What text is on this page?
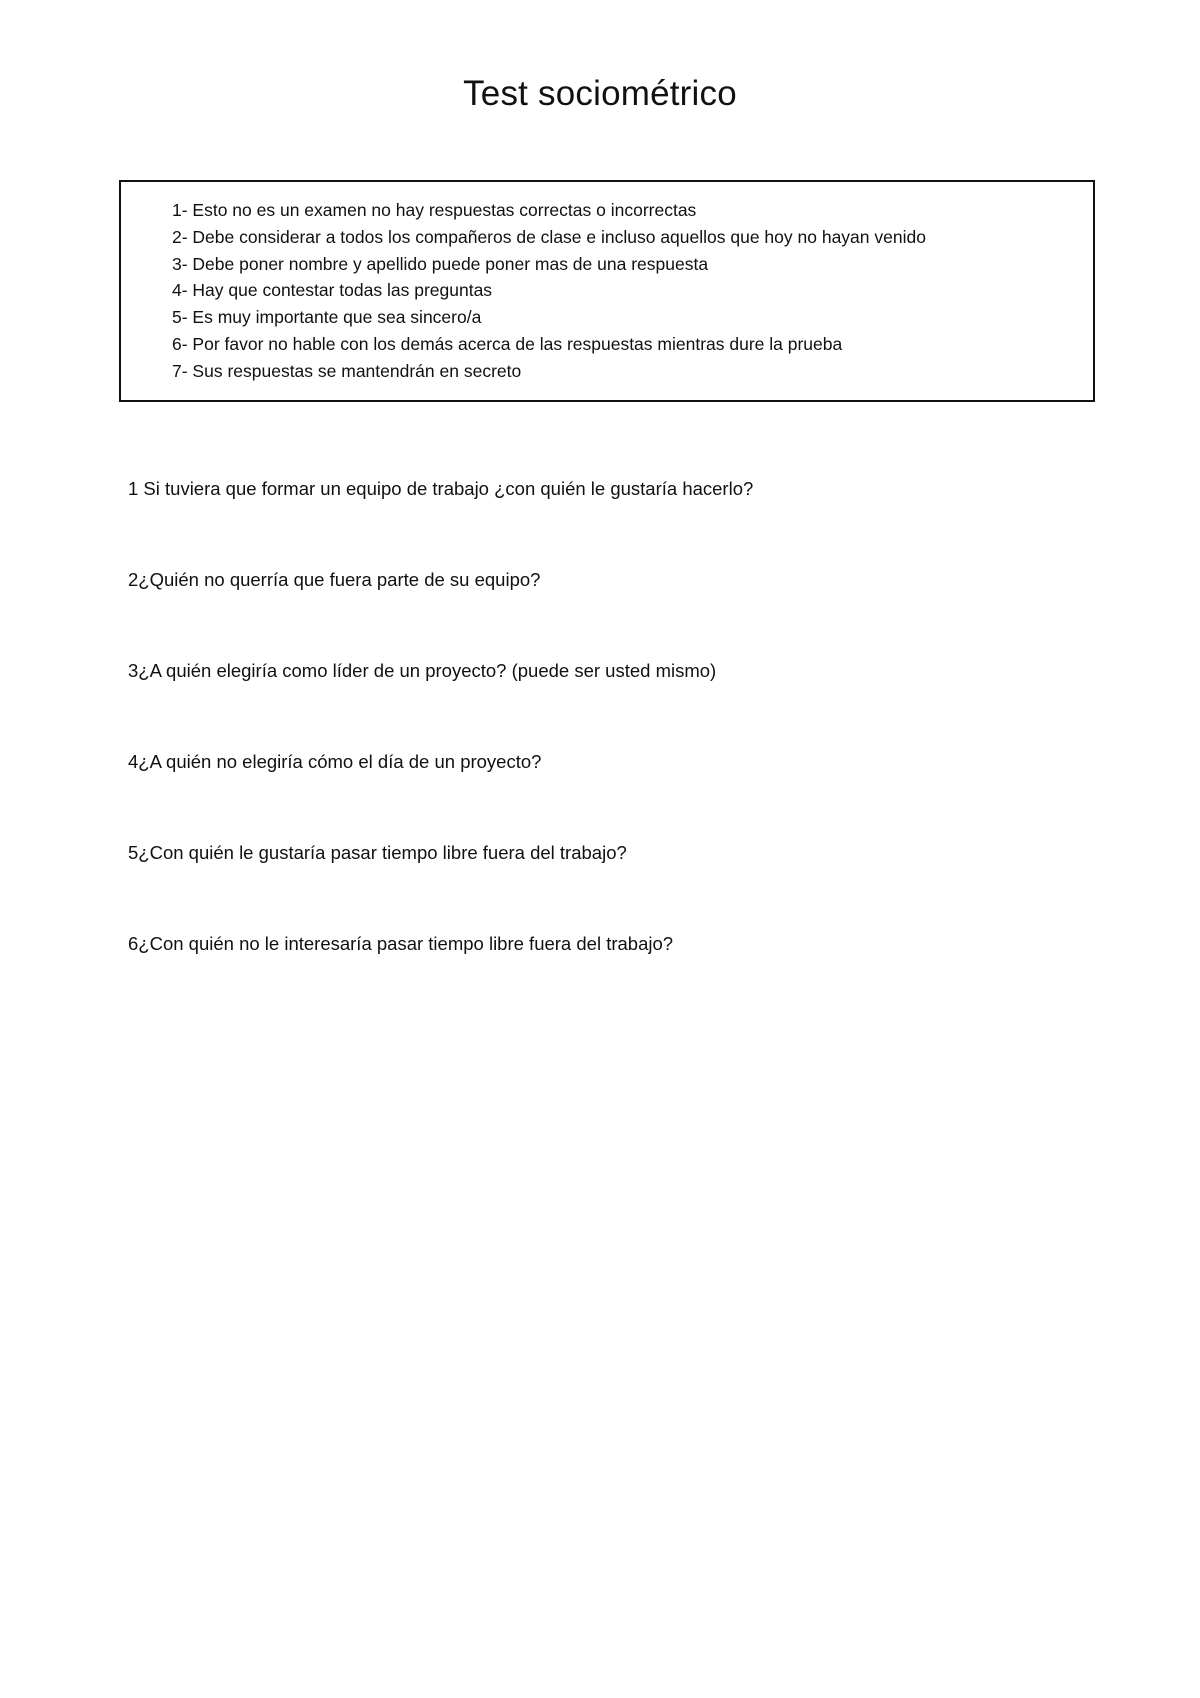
Test sociométrico
1- Esto no es un examen no hay respuestas correctas o incorrectas
2- Debe considerar a todos los compañeros de clase e incluso aquellos que hoy no hayan venido
3- Debe poner nombre y apellido puede poner mas de una respuesta
4- Hay que contestar todas las preguntas
5- Es muy importante que sea sincero/a
6- Por favor no hable con los demás acerca de las respuestas mientras dure la prueba
7- Sus respuestas se mantendrán en secreto
1 Si tuviera que formar un equipo de trabajo ¿con quién le gustaría hacerlo?
2¿Quién no querría que fuera parte de su equipo?
3¿A quién elegiría como líder de un proyecto? (puede ser usted mismo)
4¿A quién no elegiría cómo el día de un proyecto?
5¿Con quién le gustaría pasar tiempo libre fuera del trabajo?
6¿Con quién no le interesaría pasar tiempo libre fuera del trabajo?
